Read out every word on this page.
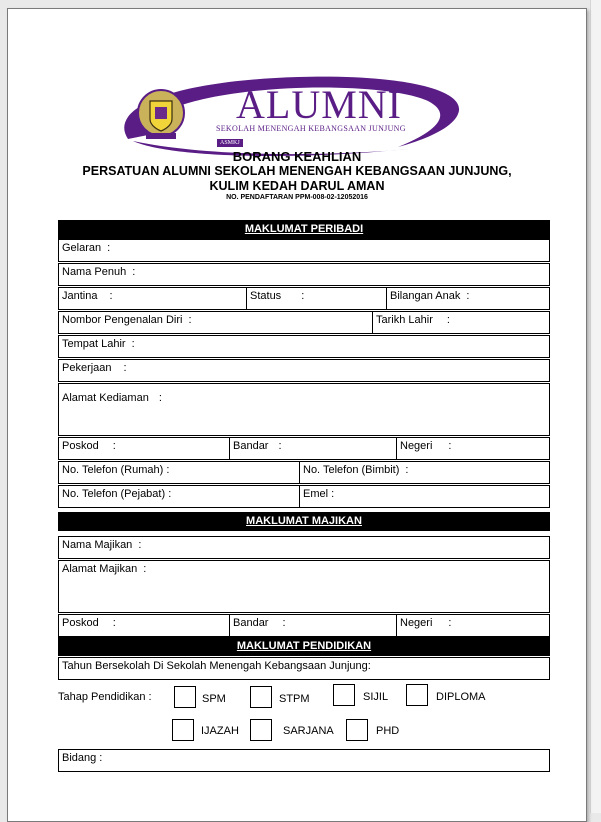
ALUMNI
SEKOLAH MENENGAH KEBANGSAAN JUNJUNG
ASMKJ
BORANG KEAHLIAN
PERSATUAN ALUMNI SEKOLAH MENENGAH KEBANGSAAN JUNJUNG,
KULIM KEDAH DARUL AMAN
NO. PENDAFTARAN PPM-008-02-12052016
MAKLUMAT PERIBADI
Gelaran :
Nama Penuh :
Jantina :	Status :	Bilangan Anak :
Nombor Pengenalan Diri :	Tarikh Lahir :
Tempat Lahir :
Pekerjaan :
Alamat Kediaman :
Poskod :	Bandar :	Negeri :
No. Telefon (Rumah) :	No. Telefon (Bimbit) :
No. Telefon (Pejabat) :	Emel :
MAKLUMAT MAJIKAN
Nama Majikan :
Alamat Majikan :
Poskod :	Bandar :	Negeri :
MAKLUMAT PENDIDIKAN
Tahun Bersekolah Di Sekolah Menengah Kebangsaan Junjung:
Tahap Pendidikan :	SPM	STPM	SIJIL	DIPLOMA
IJAZAH	SARJANA	PHD
Bidang :
